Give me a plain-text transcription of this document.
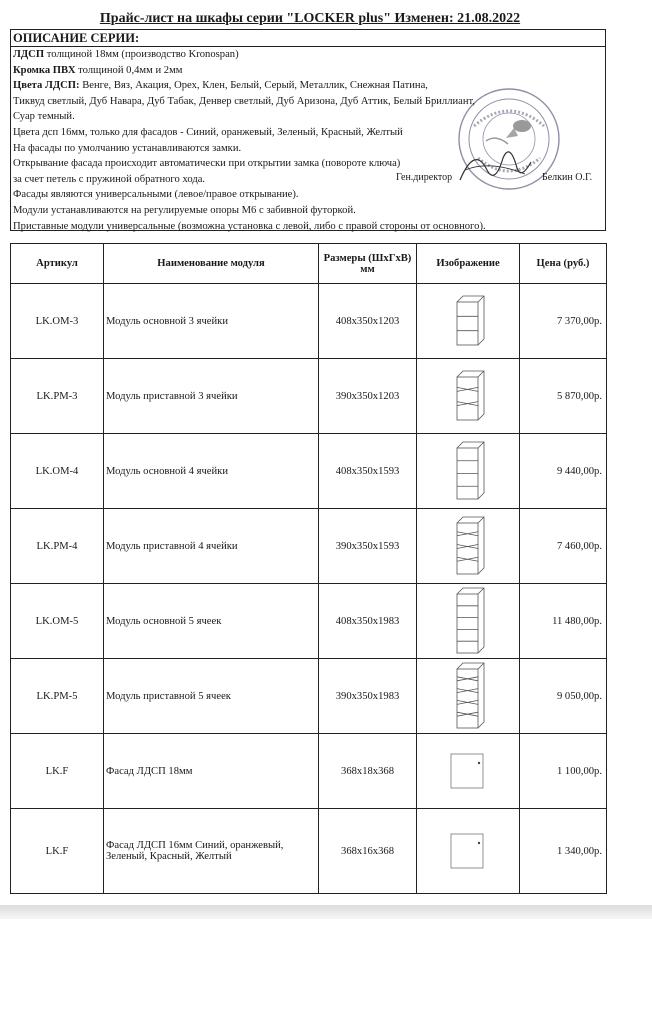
Прайс-лист на шкафы серии "LOCKER plus" Изменен: 21.08.2022
ОПИСАНИЕ СЕРИИ:
ЛДСП толщиной 18мм (производство Kronospan)
Кромка ПВХ толщиной 0,4мм и 2мм
Цвета ЛДСП: Венге, Вяз, Акация, Орех, Клен, Белый, Серый, Металлик, Снежная Патина,
Тиквуд светлый, Дуб Навара, Дуб Табак, Денвер светлый, Дуб Аризона, Дуб Аттик, Белый Бриллиант,
Суар темный.
Цвета дсп 16мм, только для фасадов - Синий, оранжевый, Зеленый, Красный, Желтый
На фасады по умолчанию устанавливаются замки.
Открывание фасада происходит автоматически при открытии замка (повороте ключа)
за счет петель с пружиной обратного хода.
Фасады являются универсальными (левое/правое открывание).
Модули устанавливаются на регулируемые опоры М6 с забивной футоркой.
Приставные модули универсальные (возможна установка с левой, либо с правой стороны от основного).
Ген.директор	Белкин О.Г.
Артикул	Наименование модуля	Размеры (ШхГхВ) мм	Изображение	Цена (руб.)
LK.OM-3	Модуль основной 3 ячейки	408x350x1203		7 370,00р.
LK.PM-3	Модуль приставной 3 ячейки	390x350x1203		5 870,00р.
LK.OM-4	Модуль основной 4 ячейки	408x350x1593		9 440,00р.
LK.PM-4	Модуль приставной 4 ячейки	390x350x1593		7 460,00р.
LK.OM-5	Модуль основной 5 ячеек	408x350x1983		11 480,00р.
LK.PM-5	Модуль приставной 5 ячеек	390x350x1983		9 050,00р.
LK.F	Фасад ЛДСП 18мм	368x18x368		1 100,00р.
LK.F	Фасад ЛДСП 16мм Синий, оранжевый, Зеленый, Красный, Желтый	368x16x368		1 340,00р.
